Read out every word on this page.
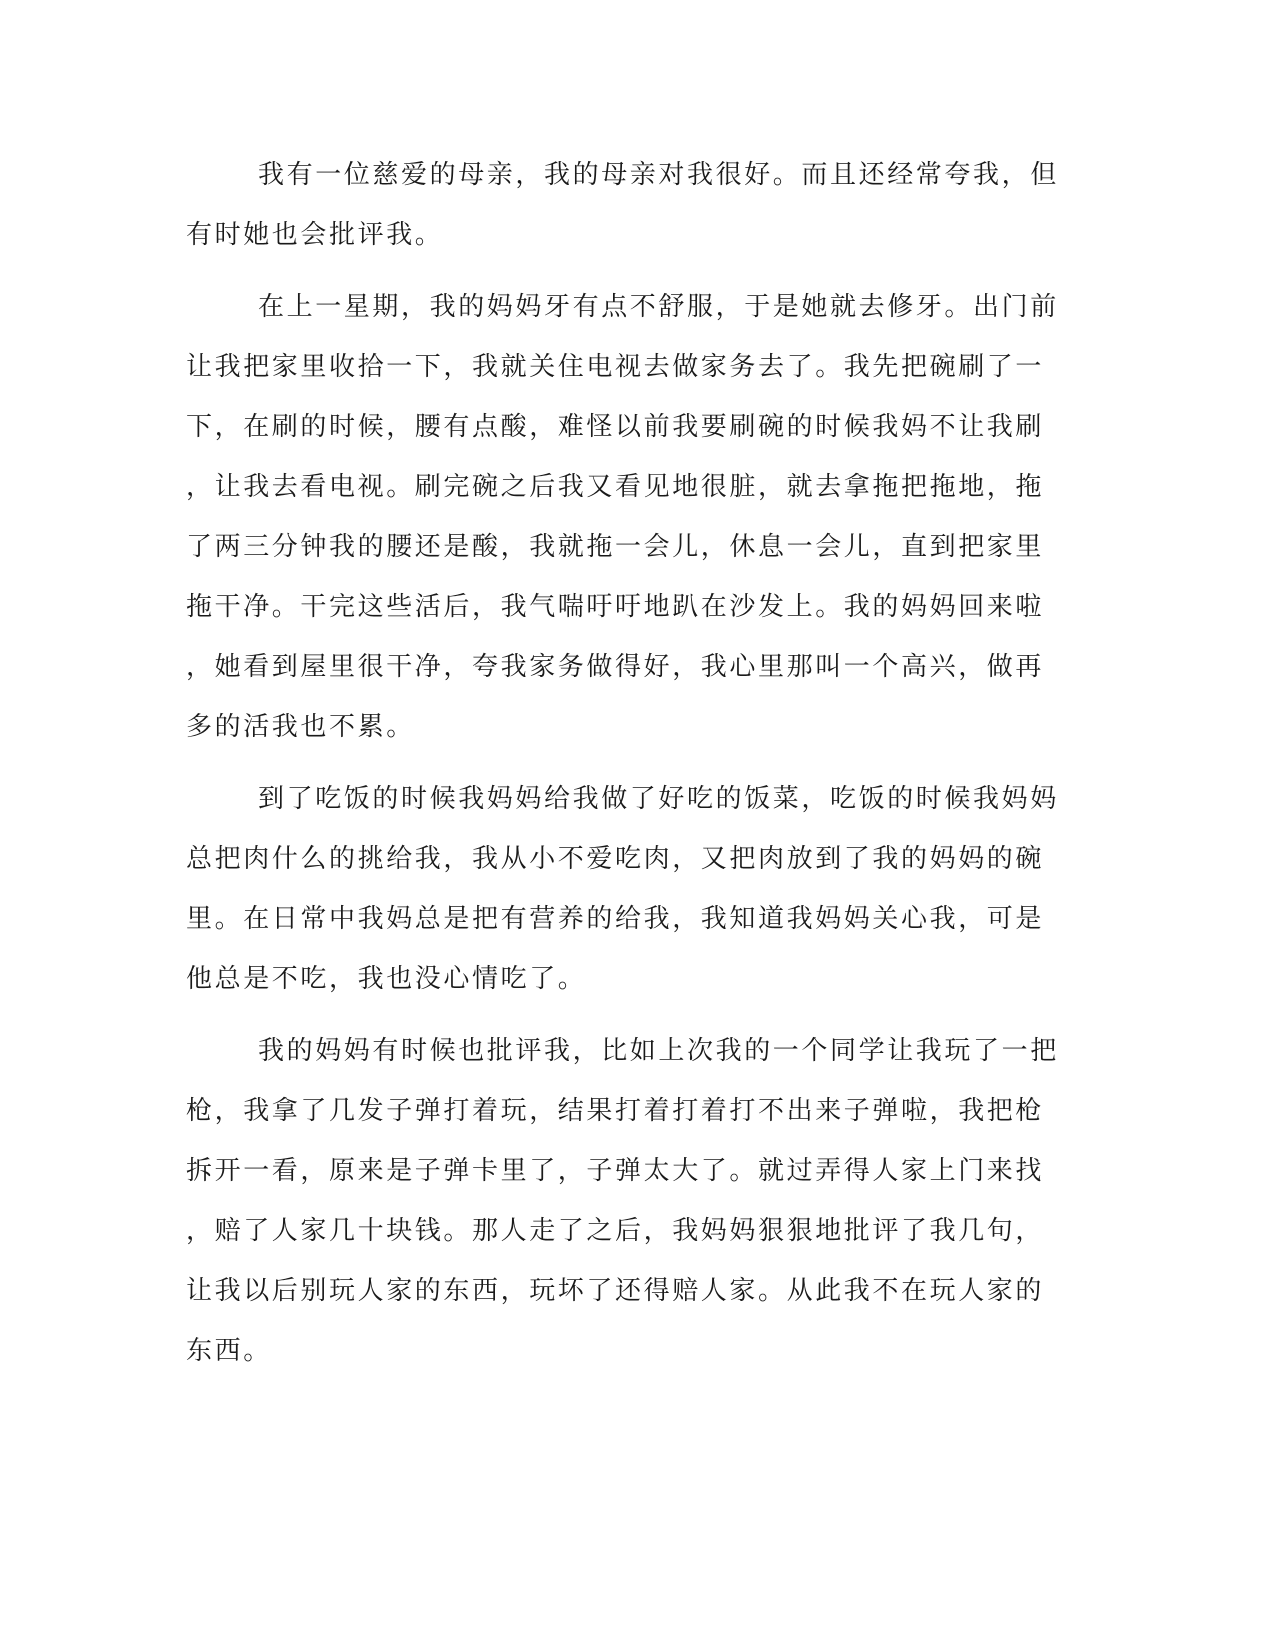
我有一位慈爱的母亲，我的母亲对我很好。而且还经常夸我，但
有时她也会批评我。
在上一星期，我的妈妈牙有点不舒服，于是她就去修牙。出门前
让我把家里收拾一下，我就关住电视去做家务去了。我先把碗刷了一
下，在刷的时候，腰有点酸，难怪以前我要刷碗的时候我妈不让我刷
，让我去看电视。刷完碗之后我又看见地很脏，就去拿拖把拖地，拖
了两三分钟我的腰还是酸，我就拖一会儿，休息一会儿，直到把家里
拖干净。干完这些活后，我气喘吁吁地趴在沙发上。我的妈妈回来啦
，她看到屋里很干净，夸我家务做得好，我心里那叫一个高兴，做再
多的活我也不累。
到了吃饭的时候我妈妈给我做了好吃的饭菜，吃饭的时候我妈妈
总把肉什么的挑给我，我从小不爱吃肉，又把肉放到了我的妈妈的碗
里。在日常中我妈总是把有营养的给我，我知道我妈妈关心我，可是
他总是不吃，我也没心情吃了。
我的妈妈有时候也批评我，比如上次我的一个同学让我玩了一把
枪，我拿了几发子弹打着玩，结果打着打着打不出来子弹啦，我把枪
拆开一看，原来是子弹卡里了，子弹太大了。就过弄得人家上门来找
，赔了人家几十块钱。那人走了之后，我妈妈狠狠地批评了我几句，
让我以后别玩人家的东西，玩坏了还得赔人家。从此我不在玩人家的
东西。
